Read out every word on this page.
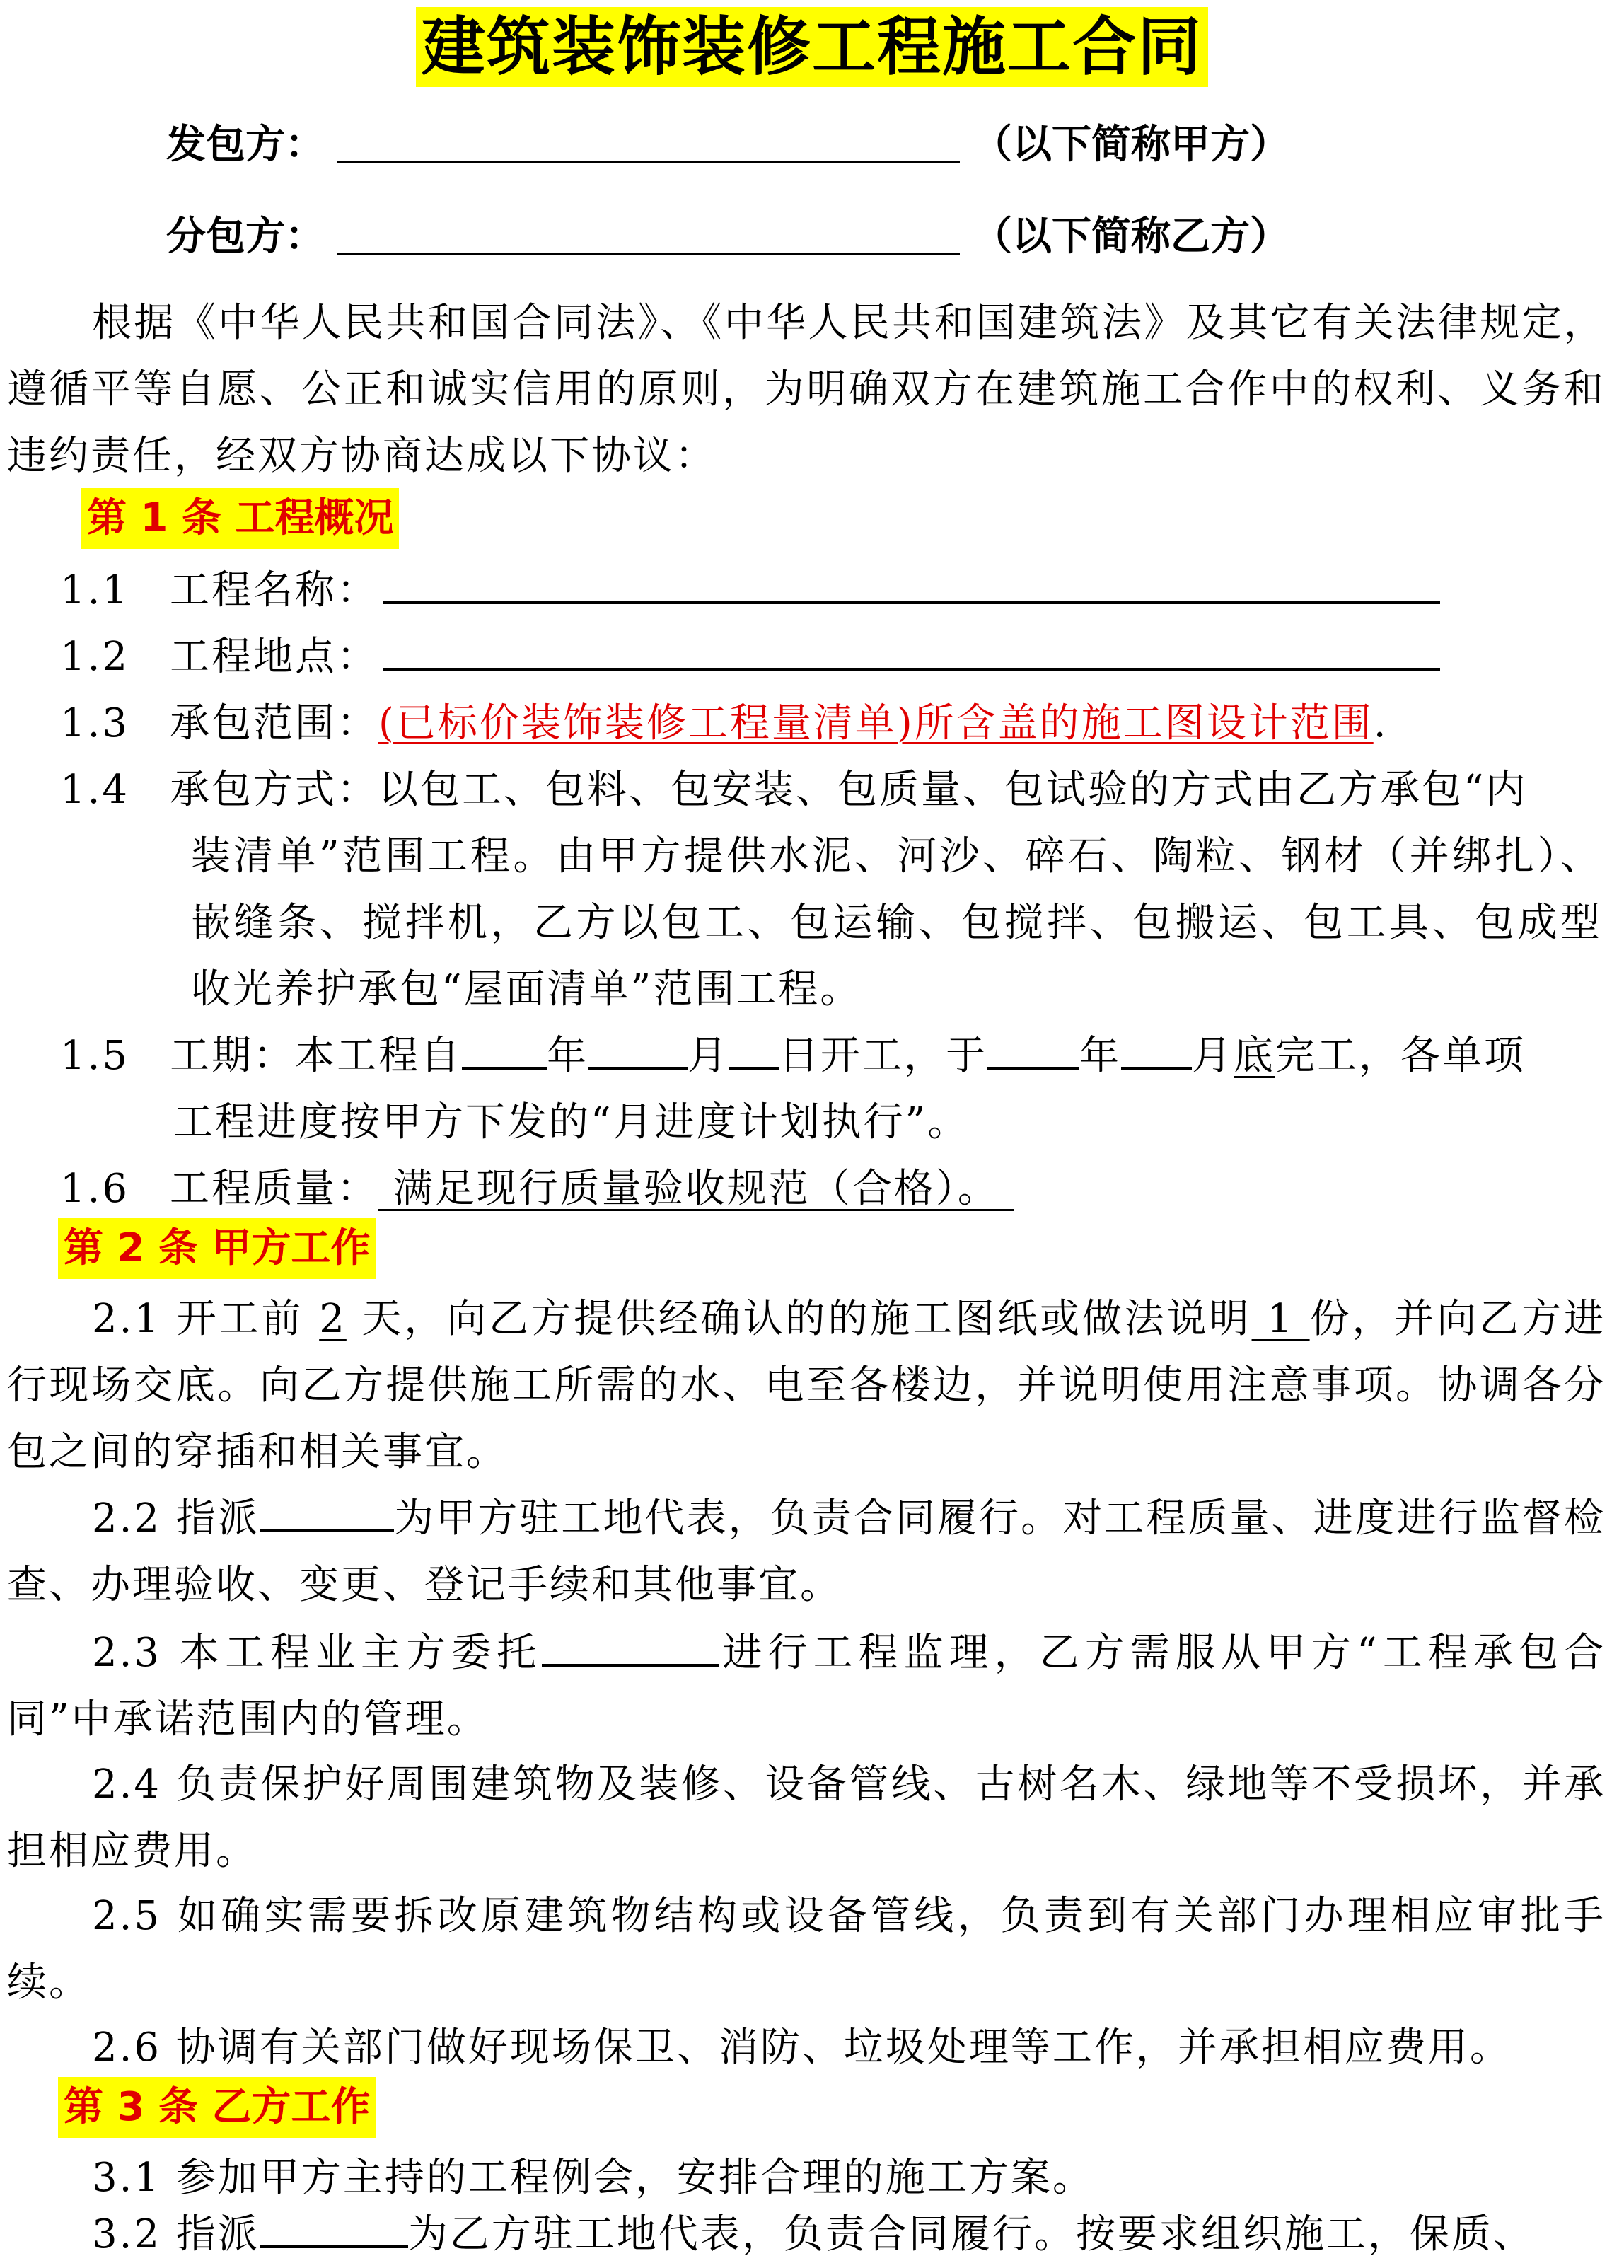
建筑装饰装修工程施工合同
发包方：	（以下简称甲方）
分包方：	（以下简称乙方）
根据《中华人民共和国合同法》、《中华人民共和国建筑法》及其它有关法律规定，遵循平等自愿、公正和诚实信用的原则，为明确双方在建筑施工合作中的权利、义务和违约责任，经双方协商达成以下协议：
第 1 条 工程概况
1.1 工程名称：
1.2 工程地点：
1.3 承包范围：(已标价装饰装修工程量清单)所含盖的施工图设计范围.
1.4 承包方式：以包工、包料、包安装、包质量、包试验的方式由乙方承包“内
装清单”范围工程。由甲方提供水泥、河沙、碎石、陶粒、钢材（并绑扎）、嵌缝条、搅拌机，乙方以包工、包运输、包搅拌、包搬运、包工具、包成型收光养护承包“屋面清单”范围工程。
1.5 工期：本工程自 年	月 日开工，于 年 月底完工，各单项
工程进度按甲方下发的“月进度计划执行”。
1.6 工程质量： 满足现行质量验收规范（合格）。
第 2 条 甲方工作
2.1 开工前 2 天，向乙方提供经确认的的施工图纸或做法说明 1 份，并向乙方进行现场交底。向乙方提供施工所需的水、电至各楼边，并说明使用注意事项。协调各分包之间的穿插和相关事宜。
2.2 指派	为甲方驻工地代表，负责合同履行。对工程质量、进度进行监督检查、办理验收、变更、登记手续和其他事宜。
2.3 本工程业主方委托	进行工程监理，乙方需服从甲方“工程承包合同”中承诺范围内的管理。
2.4 负责保护好周围建筑物及装修、设备管线、古树名木、绿地等不受损坏，并承担相应费用。
2.5 如确实需要拆改原建筑物结构或设备管线，负责到有关部门办理相应审批手续。
2.6 协调有关部门做好现场保卫、消防、垃圾处理等工作，并承担相应费用。
第 3 条 乙方工作
3.1 参加甲方主持的工程例会，安排合理的施工方案。
3.2 指派	为乙方驻工地代表，负责合同履行。按要求组织施工，保质、
